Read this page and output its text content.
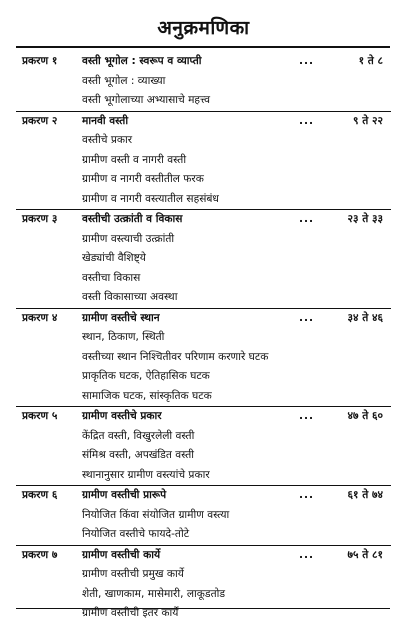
अनुक्रमणिका
प्रकरण १ वस्ती भूगोल : स्वरूप व व्याप्ती	...	१ ते ८
वस्ती भूगोल : व्याख्या
वस्ती भूगोलाच्या अभ्यासाचे महत्त्व
प्रकरण २ मानवी वस्ती	...	९ ते २२
वस्तीचे प्रकार
ग्रामीण वस्ती व नागरी वस्ती
ग्रामीण व नागरी वस्तीतील फरक
ग्रामीण व नागरी वस्त्यातील सहसंबंध
प्रकरण ३ वस्तीची उत्क्रांती व विकास	...	२३ ते ३३
ग्रामीण वस्त्याची उत्क्रांती
खेड्यांची वैशिष्ट्ये
वस्तीचा विकास
वस्ती विकासाच्या अवस्था
प्रकरण ४ ग्रामीण वस्तीचे स्थान	...	३४ ते ४६
स्थान, ठिकाण, स्थिती
वस्तीच्या स्थान निश्चितीवर परिणाम करणारे घटक
प्राकृतिक घटक, ऐतिहासिक घटक
सामाजिक घटक, सांस्कृतिक घटक
प्रकरण ५ ग्रामीण वस्तीचे प्रकार	...	४७ ते ६०
केंद्रित वस्ती, विखुरलेली वस्ती
संमिश्र वस्ती, अपखंडित वस्ती
स्थानानुसार ग्रामीण वस्त्यांचे प्रकार
प्रकरण ६ ग्रामीण वस्तीची प्रारूपे	...	६१ ते ७४
नियोजित किंवा संयोजित ग्रामीण वस्त्या
नियोजित वस्तीचे फायदे-तोटे
प्रकरण ७ ग्रामीण वस्तीची कार्ये	...	७५ ते ८१
ग्रामीण वस्तीची प्रमुख कार्ये
शेती, खाणकाम, मासेमारी, लाकूडतोड
ग्रामीण वस्तीची इतर कार्ये
